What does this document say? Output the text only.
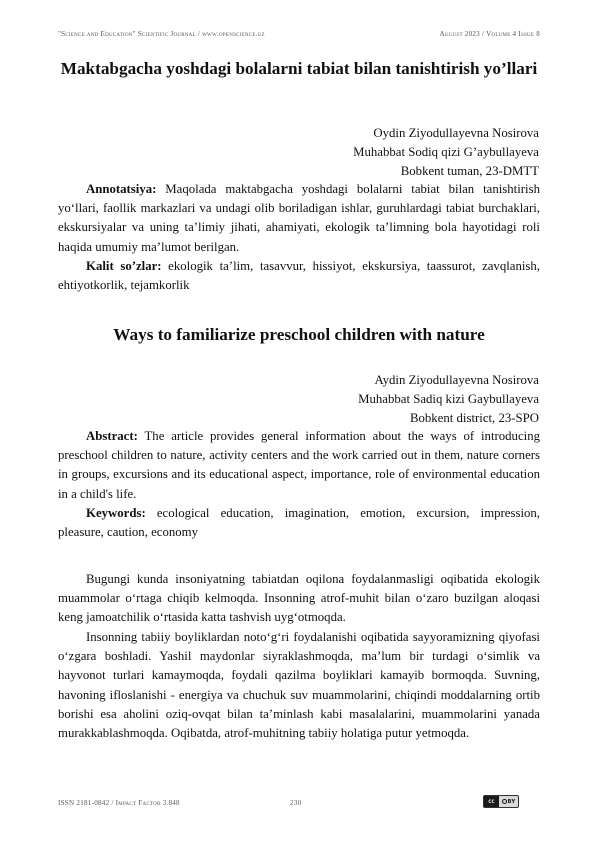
"Science and Education" Scientific Journal / www.openscience.uz	August 2023 / Volume 4 Issue 8
Maktabgacha yoshdagi bolalarni tabiat bilan tanishtirish yo’llari
Oydin Ziyodullayevna Nosirova
Muhabbat Sodiq qizi G’aybullayeva
Bobkent tuman, 23-DMTT

Annotatsiya: Maqolada maktabgacha yoshdagi bolalarni tabiat bilan tanishtirish yo‘llari, faollik markazlari va undagi olib boriladigan ishlar, guruhlardagi tabiat burchaklari, ekskursiyalar va uning ta’limiy jihati, ahamiyati, ekologik ta’limning bola hayotidagi roli haqida umumiy ma’lumot berilgan.

Kalit so’zlar: ekologik ta’lim, tasavvur, hissiyot, ekskursiya, taassurot, zavqlanish, ehtiyotkorlik, tejamkorlik

Ways to familiarize preschool children with nature
Aydin Ziyodullayevna Nosirova
Muhabbat Sadiq kizi Gaybullayeva
Bobkent district, 23-SPO

Abstract: The article provides general information about the ways of introducing preschool children to nature, activity centers and the work carried out in them, nature corners in groups, excursions and its educational aspect, importance, role of environmental education in a child's life.

Keywords: ecological education, imagination, emotion, excursion, impression, pleasure, caution, economy

Bugungi kunda insoniyatning tabiatdan oqilona foydalanmasligi oqibatida ekologik muammolar o‘rtaga chiqib kelmoqda. Insonning atrof-muhit bilan o‘zaro buzilgan aloqasi keng jamoatchilik o‘rtasida katta tashvish uyg‘otmoqda.

Insonning tabiiy boyliklardan noto‘g‘ri foydalanishi oqibatida sayyoramizning qiyofasi o‘zgara boshladi. Yashil maydonlar siyraklashmoqda, ma’lum bir turdagi o‘simlik va hayvonot turlari kamaymoqda, foydali qazilma boyliklari kamayib bormoqda. Suvning, havoning ifloslanishi - energiya va chuchuk suv muammolarini, chiqindi moddalarning ortib borishi esa aholini oziq-ovqat bilan ta’minlash kabi masalalarini, muammolarini yanada murakkablashmoqda. Oqibatda, atrof-muhitning tabiiy holatiga putur yetmoqda.

ISSN 2181-0842 / Impact Factor 3.848	230	cc	BY
